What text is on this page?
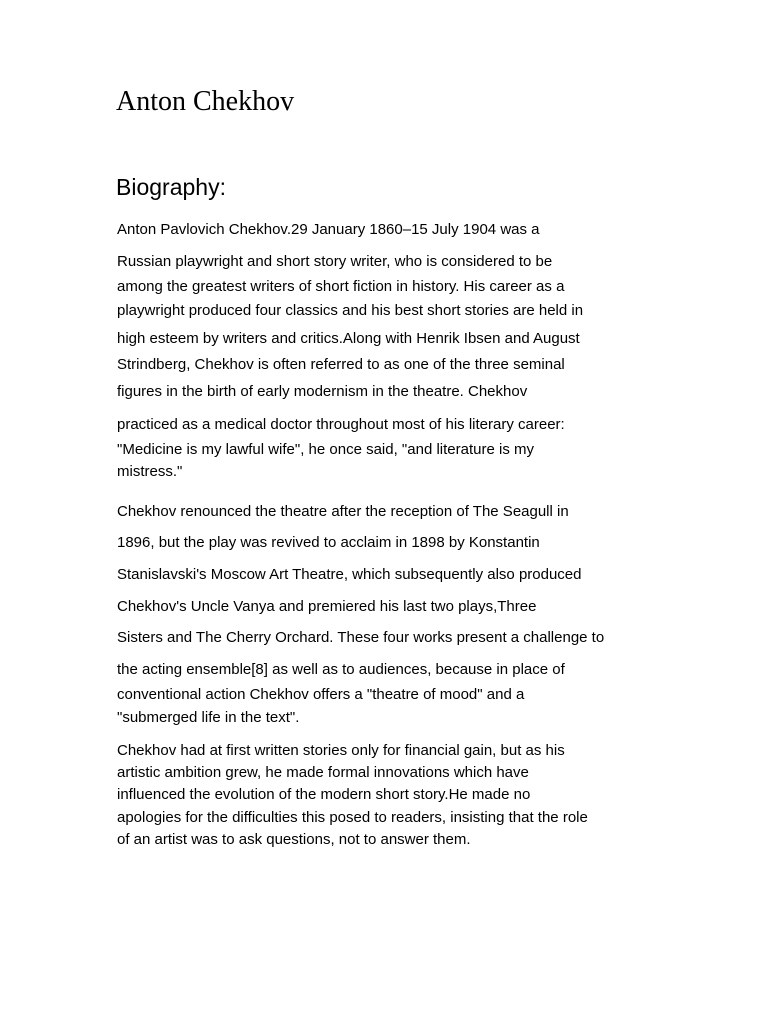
Anton Chekhov
Biography:

Anton Pavlovich Chekhov.29 January 1860–15 July 1904 was a

Russian playwright and short story writer, who is considered to be

among the greatest writers of short fiction in history. His career as a

playwright produced four classics and his best short stories are held in

high esteem by writers and critics.Along with Henrik Ibsen and August

Strindberg, Chekhov is often referred to as one of the three seminal

figures in the birth of early modernism in the theatre. Chekhov

practiced as a medical doctor throughout most of his literary career:

"Medicine is my lawful wife", he once said, "and literature is my

mistress."

Chekhov renounced the theatre after the reception of The Seagull in

1896, but the play was revived to acclaim in 1898 by Konstantin

Stanislavski's Moscow Art Theatre, which subsequently also produced

Chekhov's Uncle Vanya and premiered his last two plays,Three

Sisters and The Cherry Orchard. These four works present a challenge to

the acting ensemble[8] as well as to audiences, because in place of

conventional action Chekhov offers a "theatre of mood" and a

"submerged life in the text".

Chekhov had at first written stories only for financial gain, but as his

artistic ambition grew, he made formal innovations which have

influenced the evolution of the modern short story.He made no

apologies for the difficulties this posed to readers, insisting that the role

of an artist was to ask questions, not to answer them.
